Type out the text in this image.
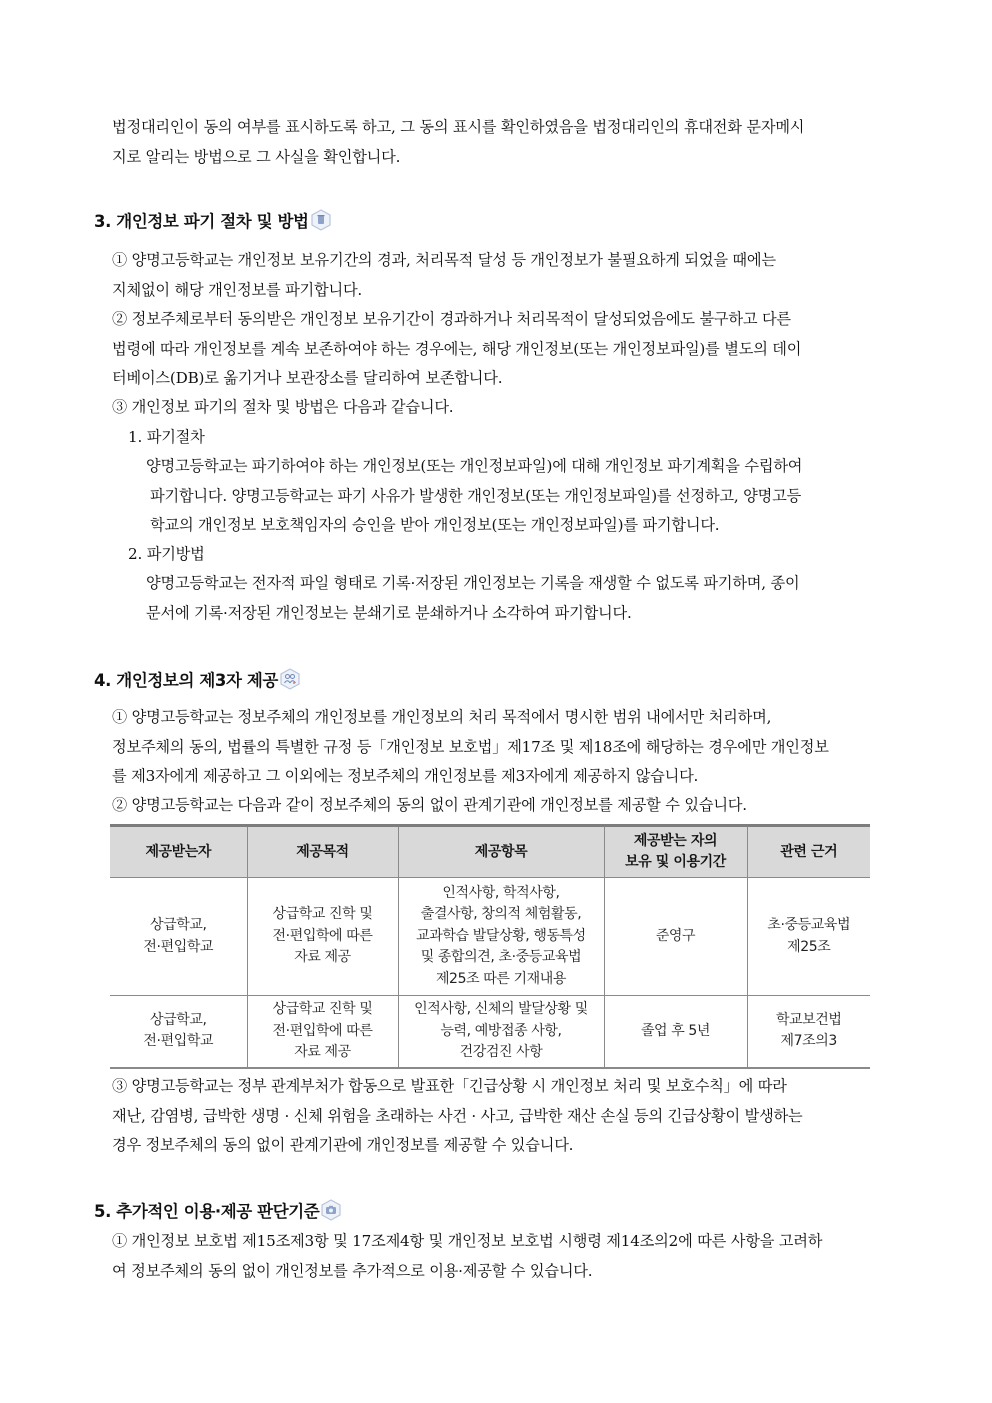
법정대리인이 동의 여부를 표시하도록 하고, 그 동의 표시를 확인하였음을 법정대리인의 휴대전화 문자메시
지로 알리는 방법으로 그 사실을 확인합니다.
3. 개인정보 파기 절차 및 방법
① 양명고등학교는 개인정보 보유기간의 경과, 처리목적 달성 등 개인정보가 불필요하게 되었을 때에는
지체없이 해당 개인정보를 파기합니다.
② 정보주체로부터 동의받은 개인정보 보유기간이 경과하거나 처리목적이 달성되었음에도 불구하고 다른
법령에 따라 개인정보를 계속 보존하여야 하는 경우에는, 해당 개인정보(또는 개인정보파일)를 별도의 데이
터베이스(DB)로 옮기거나 보관장소를 달리하여 보존합니다.
③ 개인정보 파기의 절차 및 방법은 다음과 같습니다.
1. 파기절차
양명고등학교는 파기하여야 하는 개인정보(또는 개인정보파일)에 대해 개인정보 파기계획을 수립하여
파기합니다. 양명고등학교는 파기 사유가 발생한 개인정보(또는 개인정보파일)를 선정하고, 양명고등
학교의 개인정보 보호책임자의 승인을 받아 개인정보(또는 개인정보파일)를 파기합니다.
2. 파기방법
양명고등학교는 전자적 파일 형태로 기록·저장된 개인정보는 기록을 재생할 수 없도록 파기하며, 종이
문서에 기록·저장된 개인정보는 분쇄기로 분쇄하거나 소각하여 파기합니다.
4. 개인정보의 제3자 제공
① 양명고등학교는 정보주체의 개인정보를 개인정보의 처리 목적에서 명시한 범위 내에서만 처리하며,
정보주체의 동의, 법률의 특별한 규정 등「개인정보 보호법」제17조 및 제18조에 해당하는 경우에만 개인정보
를 제3자에게 제공하고 그 이외에는 정보주체의 개인정보를 제3자에게 제공하지 않습니다.
② 양명고등학교는 다음과 같이 정보주체의 동의 없이 관계기관에 개인정보를 제공할 수 있습니다.
제공받는자	제공목적	제공항목	제공받는 자의
보유 및 이용기간	관련 근거

상급학교,
전·편입학교	상급학교 진학 및
전·편입학에 따른
자료 제공	인적사항, 학적사항,
출결사항, 창의적 체험활동,
교과학습 발달상황, 행동특성
및 종합의견, 초·중등교육법
제25조 따른 기재내용	준영구	초·중등교육법
제25조

상급학교,
전·편입학교	상급학교 진학 및
전·편입학에 따른
자료 제공	인적사항, 신체의 발달상황 및
능력, 예방접종 사항,
건강검진 사항	졸업 후 5년	학교보건법
제7조의3
③ 양명고등학교는 정부 관계부처가 합동으로 발표한「긴급상황 시 개인정보 처리 및 보호수칙」에 따라
재난, 감염병, 급박한 생명 · 신체 위험을 초래하는 사건 · 사고, 급박한 재산 손실 등의 긴급상황이 발생하는
경우 정보주체의 동의 없이 관계기관에 개인정보를 제공할 수 있습니다.
5. 추가적인 이용·제공 판단기준
① 개인정보 보호법 제15조제3항 및 17조제4항 및 개인정보 보호법 시행령 제14조의2에 따른 사항을 고려하
여 정보주체의 동의 없이 개인정보를 추가적으로 이용·제공할 수 있습니다.
